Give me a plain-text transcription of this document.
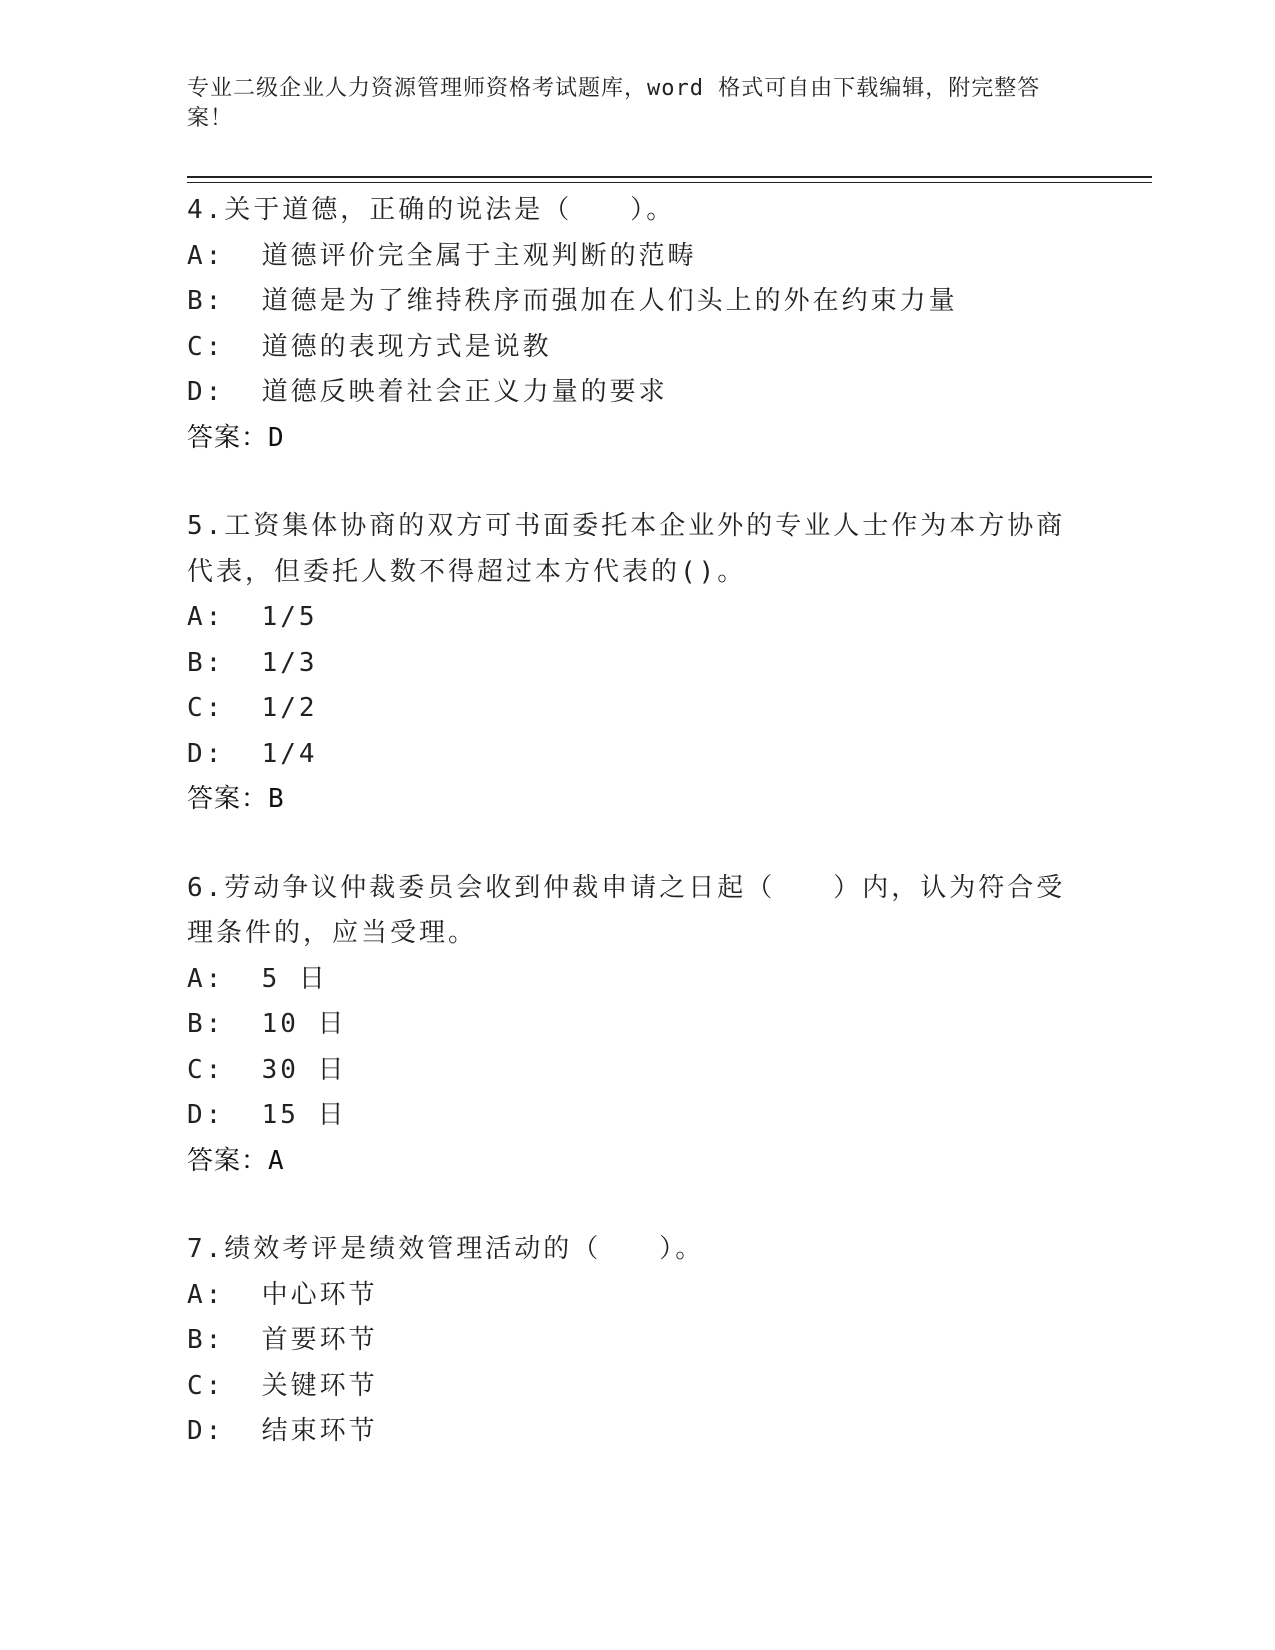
专业二级企业人力资源管理师资格考试题库，word 格式可自由下载编辑，附完整答案！
4.关于道德，正确的说法是（　　）。
A:  道德评价完全属于主观判断的范畴
B:  道德是为了维持秩序而强加在人们头上的外在约束力量
C:  道德的表现方式是说教
D:  道德反映着社会正义力量的要求
答案：D
5.工资集体协商的双方可书面委托本企业外的专业人士作为本方协商代表，但委托人数不得超过本方代表的()。
A:  1/5
B:  1/3
C:  1/2
D:  1/4
答案：B
6.劳动争议仲裁委员会收到仲裁申请之日起（　　）内，认为符合受理条件的，应当受理。
A:  5 日
B:  10 日
C:  30 日
D:  15 日
答案：A
7.绩效考评是绩效管理活动的（　　）。
A:  中心环节
B:  首要环节
C:  关键环节
D:  结束环节
